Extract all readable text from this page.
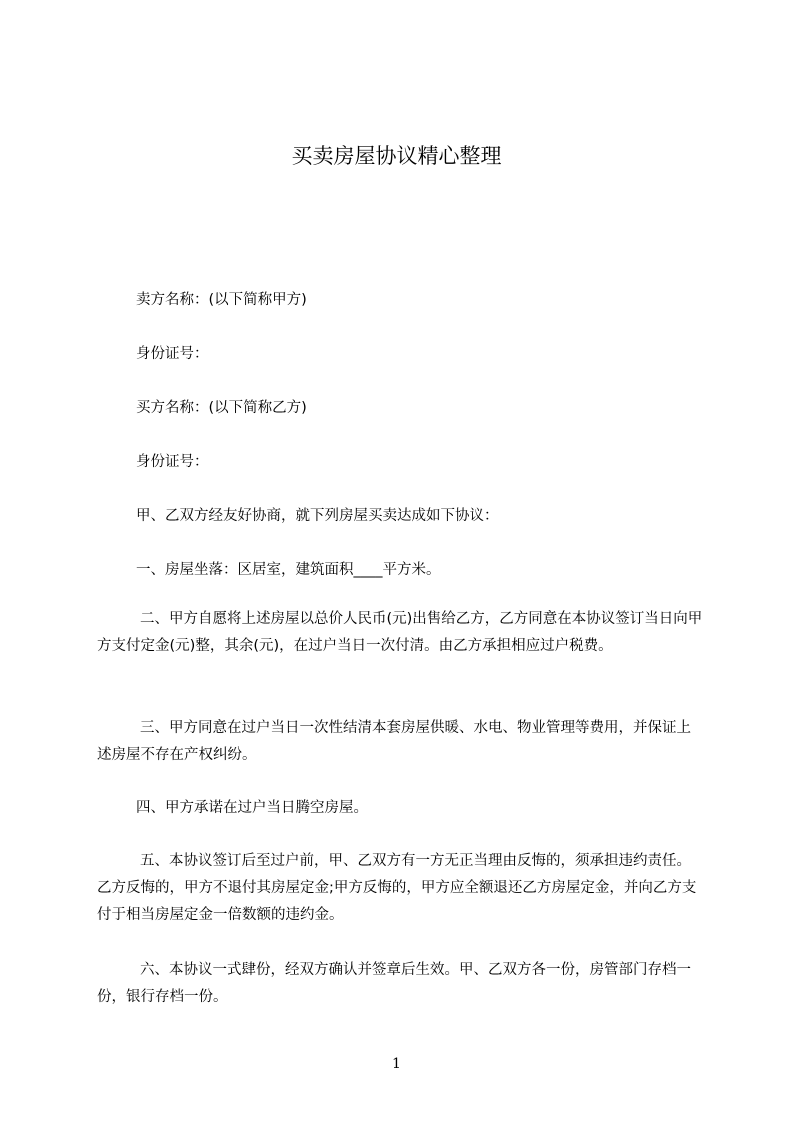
买卖房屋协议精心整理

卖方名称：(以下简称甲方)

身份证号：

买方名称：(以下简称乙方)

身份证号：

甲、乙双方经友好协商，就下列房屋买卖达成如下协议：

一、房屋坐落：区居室，建筑面积____平方米。

二、甲方自愿将上述房屋以总价人民币(元)出售给乙方，乙方同意在本协议签订当日向甲方支付定金(元)整，其余(元)，在过户当日一次付清。由乙方承担相应过户税费。

三、甲方同意在过户当日一次性结清本套房屋供暖、水电、物业管理等费用，并保证上述房屋不存在产权纠纷。

四、甲方承诺在过户当日腾空房屋。

五、本协议签订后至过户前，甲、乙双方有一方无正当理由反悔的，须承担违约责任。乙方反悔的，甲方不退付其房屋定金;甲方反悔的，甲方应全额退还乙方房屋定金，并向乙方支付于相当房屋定金一倍数额的违约金。

六、本协议一式肆份，经双方确认并签章后生效。甲、乙双方各一份，房管部门存档一份，银行存档一份。

1
